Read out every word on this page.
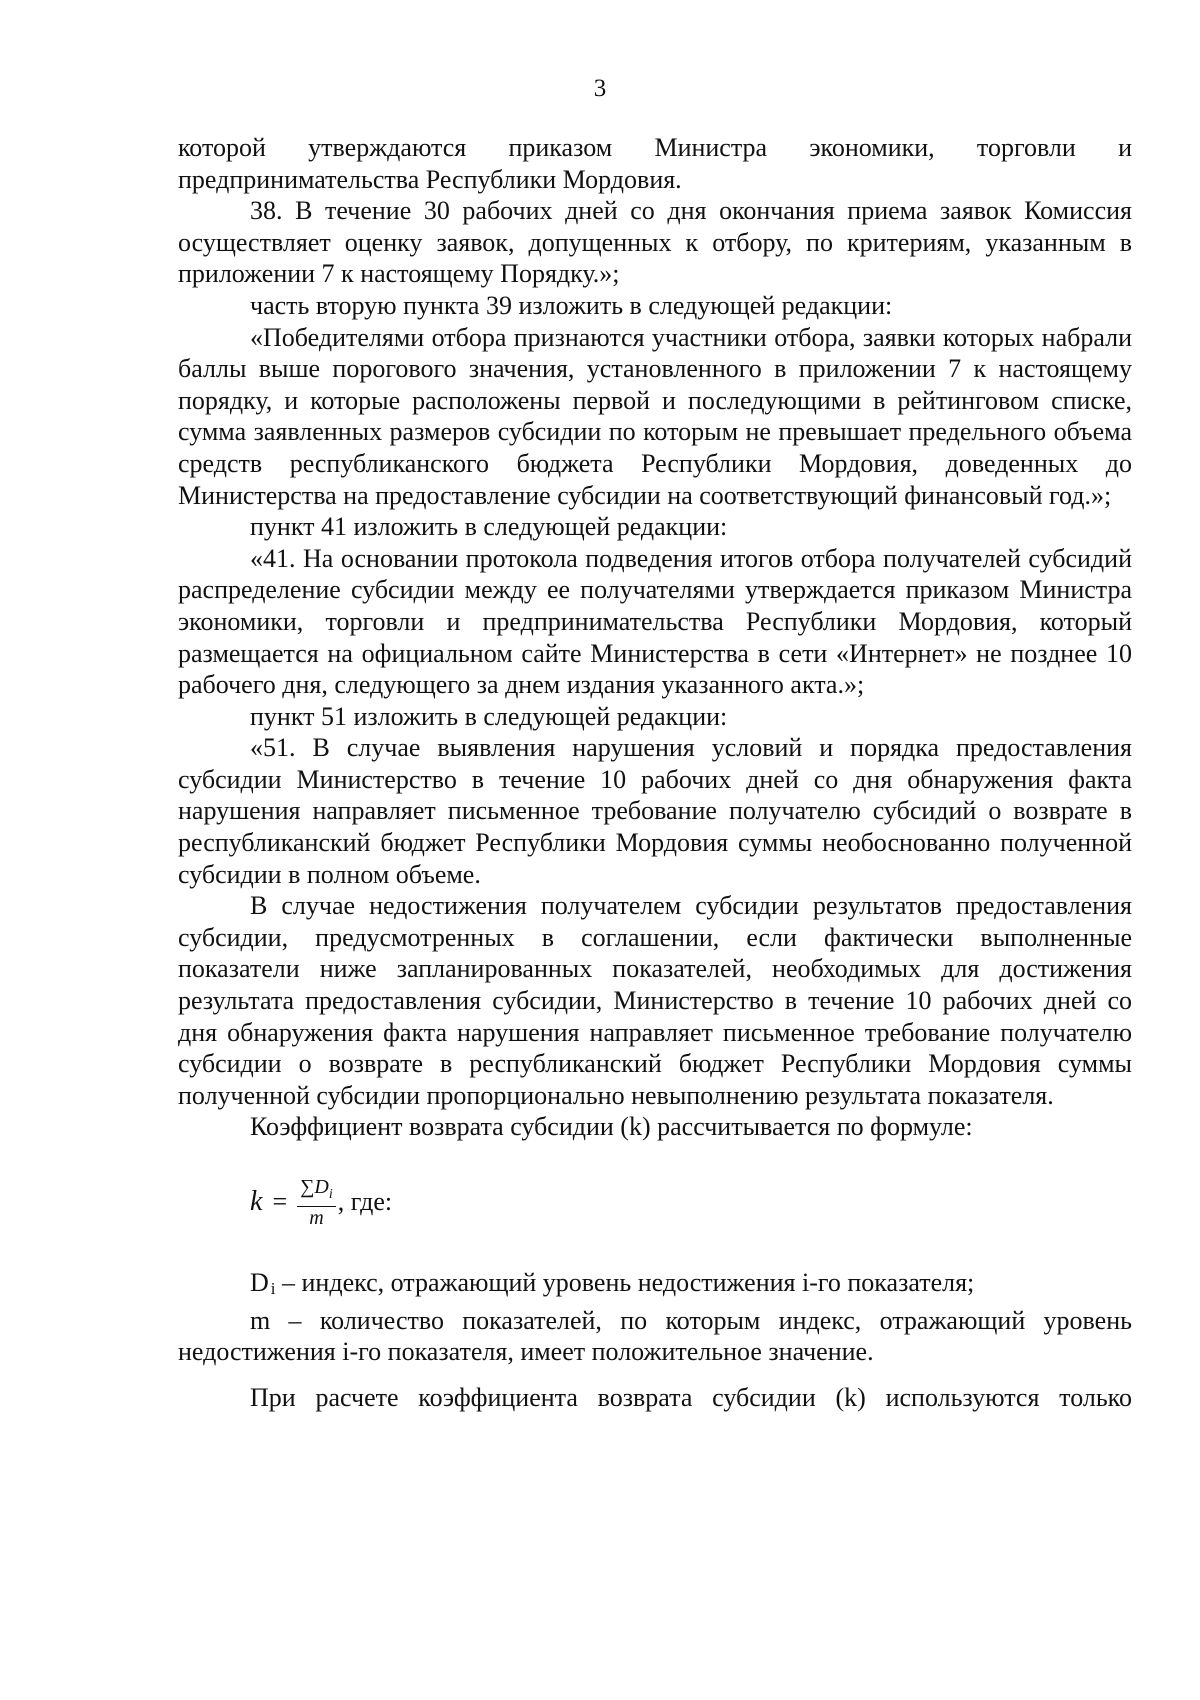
3

которой утверждаются приказом Министра экономики, торговли и предпринимательства Республики Мордовия.

38. В течение 30 рабочих дней со дня окончания приема заявок Комиссия осуществляет оценку заявок, допущенных к отбору, по критериям, указанным в приложении 7 к настоящему Порядку.»;

часть вторую пункта 39 изложить в следующей редакции:

«Победителями отбора признаются участники отбора, заявки которых набрали баллы выше порогового значения, установленного в приложении 7 к настоящему порядку, и которые расположены первой и последующими в рейтинговом списке, сумма заявленных размеров субсидии по которым не превышает предельного объема средств республиканского бюджета Республики Мордовия, доведенных до Министерства на предоставление субсидии на соответствующий финансовый год.»;

пункт 41 изложить в следующей редакции:

«41. На основании протокола подведения итогов отбора получателей субсидий распределение субсидии между ее получателями утверждается приказом Министра экономики, торговли и предпринимательства Республики Мордовия, который размещается на официальном сайте Министерства в сети «Интернет» не позднее 10 рабочего дня, следующего за днем издания указанного акта.»;

пункт 51 изложить в следующей редакции:

«51. В случае выявления нарушения условий и порядка предоставления субсидии Министерство в течение 10 рабочих дней со дня обнаружения факта нарушения направляет письменное требование получателю субсидий о возврате в республиканский бюджет Республики Мордовия суммы необоснованно полученной субсидии в полном объеме.

В случае недостижения получателем субсидии результатов предоставления субсидии, предусмотренных в соглашении, если фактически выполненные показатели ниже запланированных показателей, необходимых для достижения результата предоставления субсидии, Министерство в течение 10 рабочих дней со дня обнаружения факта нарушения направляет письменное требование получателю субсидии о возврате в республиканский бюджет Республики Мордовия суммы полученной субсидии пропорционально невыполнению результата показателя.

Коэффициент возврата субсидии (k) рассчитывается по формуле:

$k = \frac{\sum D_i}{m}$ , где:

Di – индекс, отражающий уровень недостижения i-го показателя;

m – количество показателей, по которым индекс, отражающий уровень недостижения i-го показателя, имеет положительное значение.

При расчете коэффициента возврата субсидии (k) используются только
